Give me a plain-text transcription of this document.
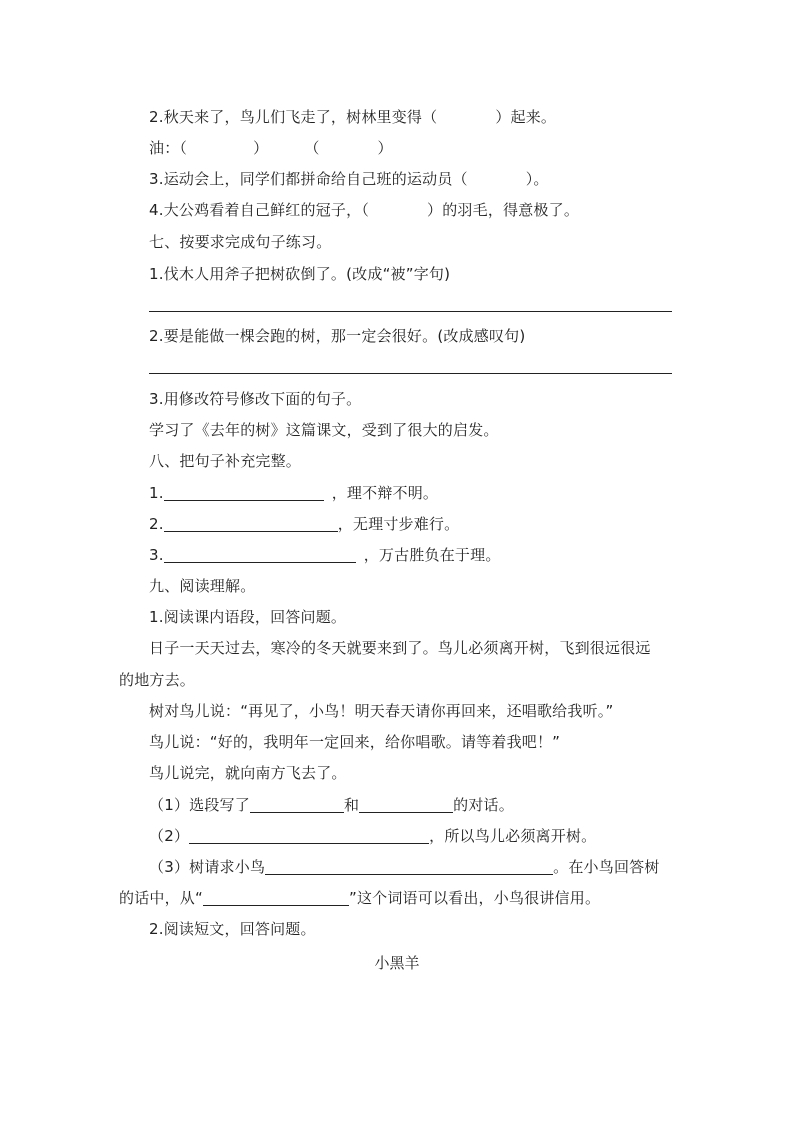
2.秋天来了，鸟儿们飞走了，树林里变得（	）起来。
油：（	） （	）
3.运动会上，同学们都拼命给自己班的运动员（	）。
4.大公鸡看着自己鲜红的冠子，（	）的羽毛，得意极了。
七、按要求完成句子练习。
1.伐木人用斧子把树砍倒了。(改成“被”字句)
2.要是能做一棵会跑的树，那一定会很好。(改成感叹句)
3.用修改符号修改下面的句子。
学习了《去年的树》这篇课文，受到了很大的启发。
八、把句子补充完整。
1.	，理不辩不明。
2.	，无理寸步难行。
3.	，万古胜负在于理。
九、阅读理解。
1.阅读课内语段，回答问题。
日子一天天过去，寒冷的冬天就要来到了。鸟儿必须离开树，飞到很远很远
的地方去。
树对鸟儿说：“再见了，小鸟！明天春天请你再回来，还唱歌给我听。”
鸟儿说：“好的，我明年一定回来，给你唱歌。请等着我吧！”
鸟儿说完，就向南方飞去了。
（1）选段写了	和	的对话。
（2）	，所以鸟儿必须离开树。
（3）树请求小鸟	。在小鸟回答树
的话中，从“	”这个词语可以看出，小鸟很讲信用。
2.阅读短文，回答问题。
小黑羊
